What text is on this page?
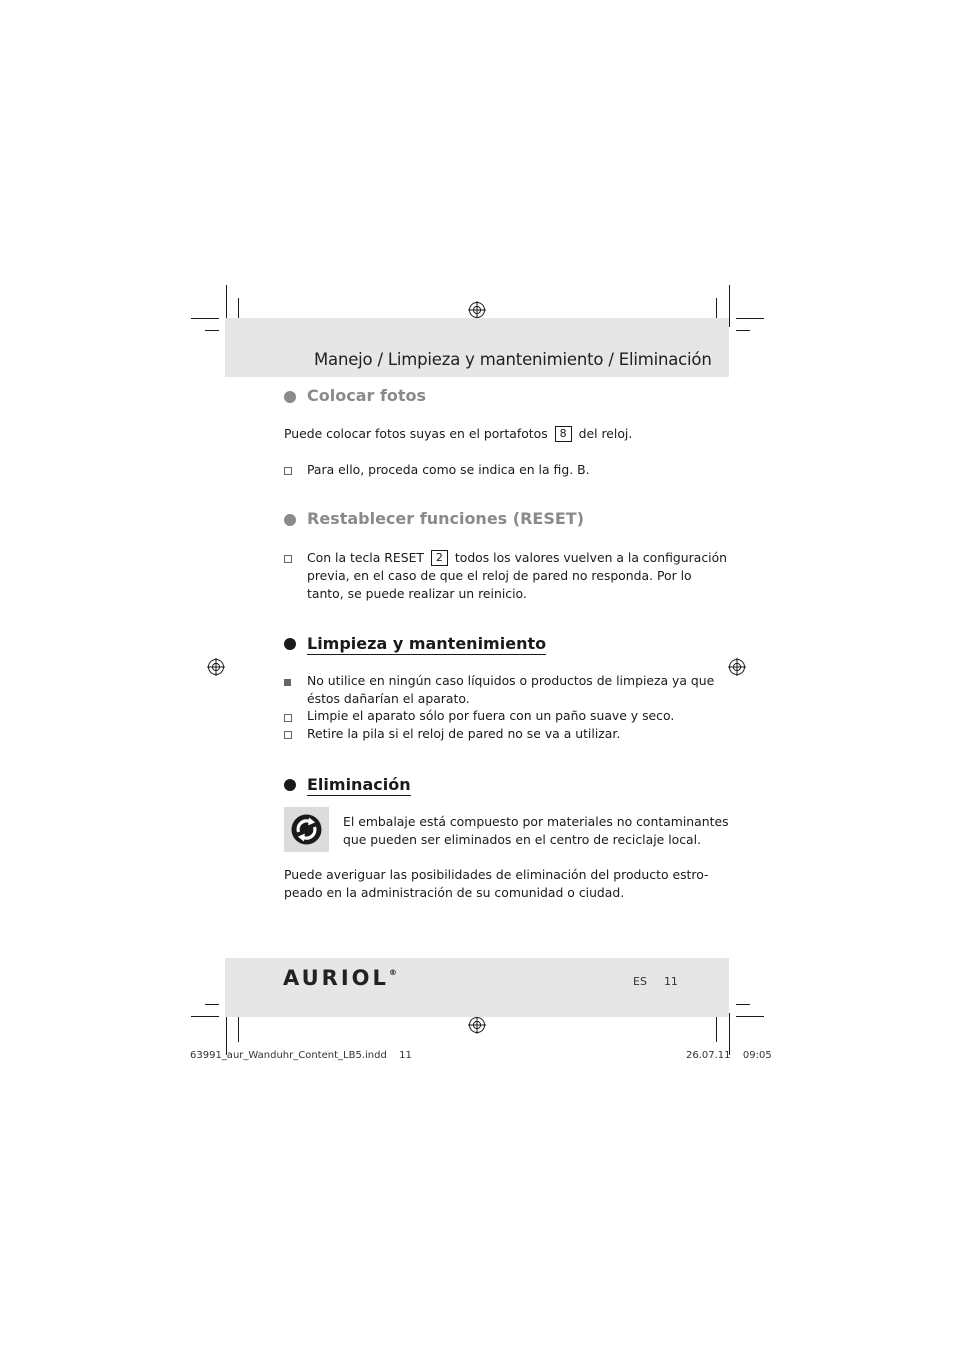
Manejo / Limpieza y mantenimiento / Eliminación
Colocar fotos
Puede colocar fotos suyas en el portafotos 8 del reloj.
Para ello, proceda como se indica en la fig. B.
Restablecer funciones (RESET)
Con la tecla RESET 2 todos los valores vuelven a la configuración
previa, en el caso de que el reloj de pared no responda. Por lo
tanto, se puede realizar un reinicio.
Limpieza y mantenimiento
No utilice en ningún caso líquidos o productos de limpieza ya que
éstos dañarían el aparato.
Limpie el aparato sólo por fuera con un paño suave y seco.
Retire la pila si el reloj de pared no se va a utilizar.
Eliminación
El embalaje está compuesto por materiales no contaminantes
que pueden ser eliminados en el centro de reciclaje local.
Puede averiguar las posibilidades de eliminación del producto estro-
peado en la administración de su comunidad o ciudad.
AURIOL®
ES 11
63991_aur_Wanduhr_Content_LB5.indd 11	26.07.11 09:05
